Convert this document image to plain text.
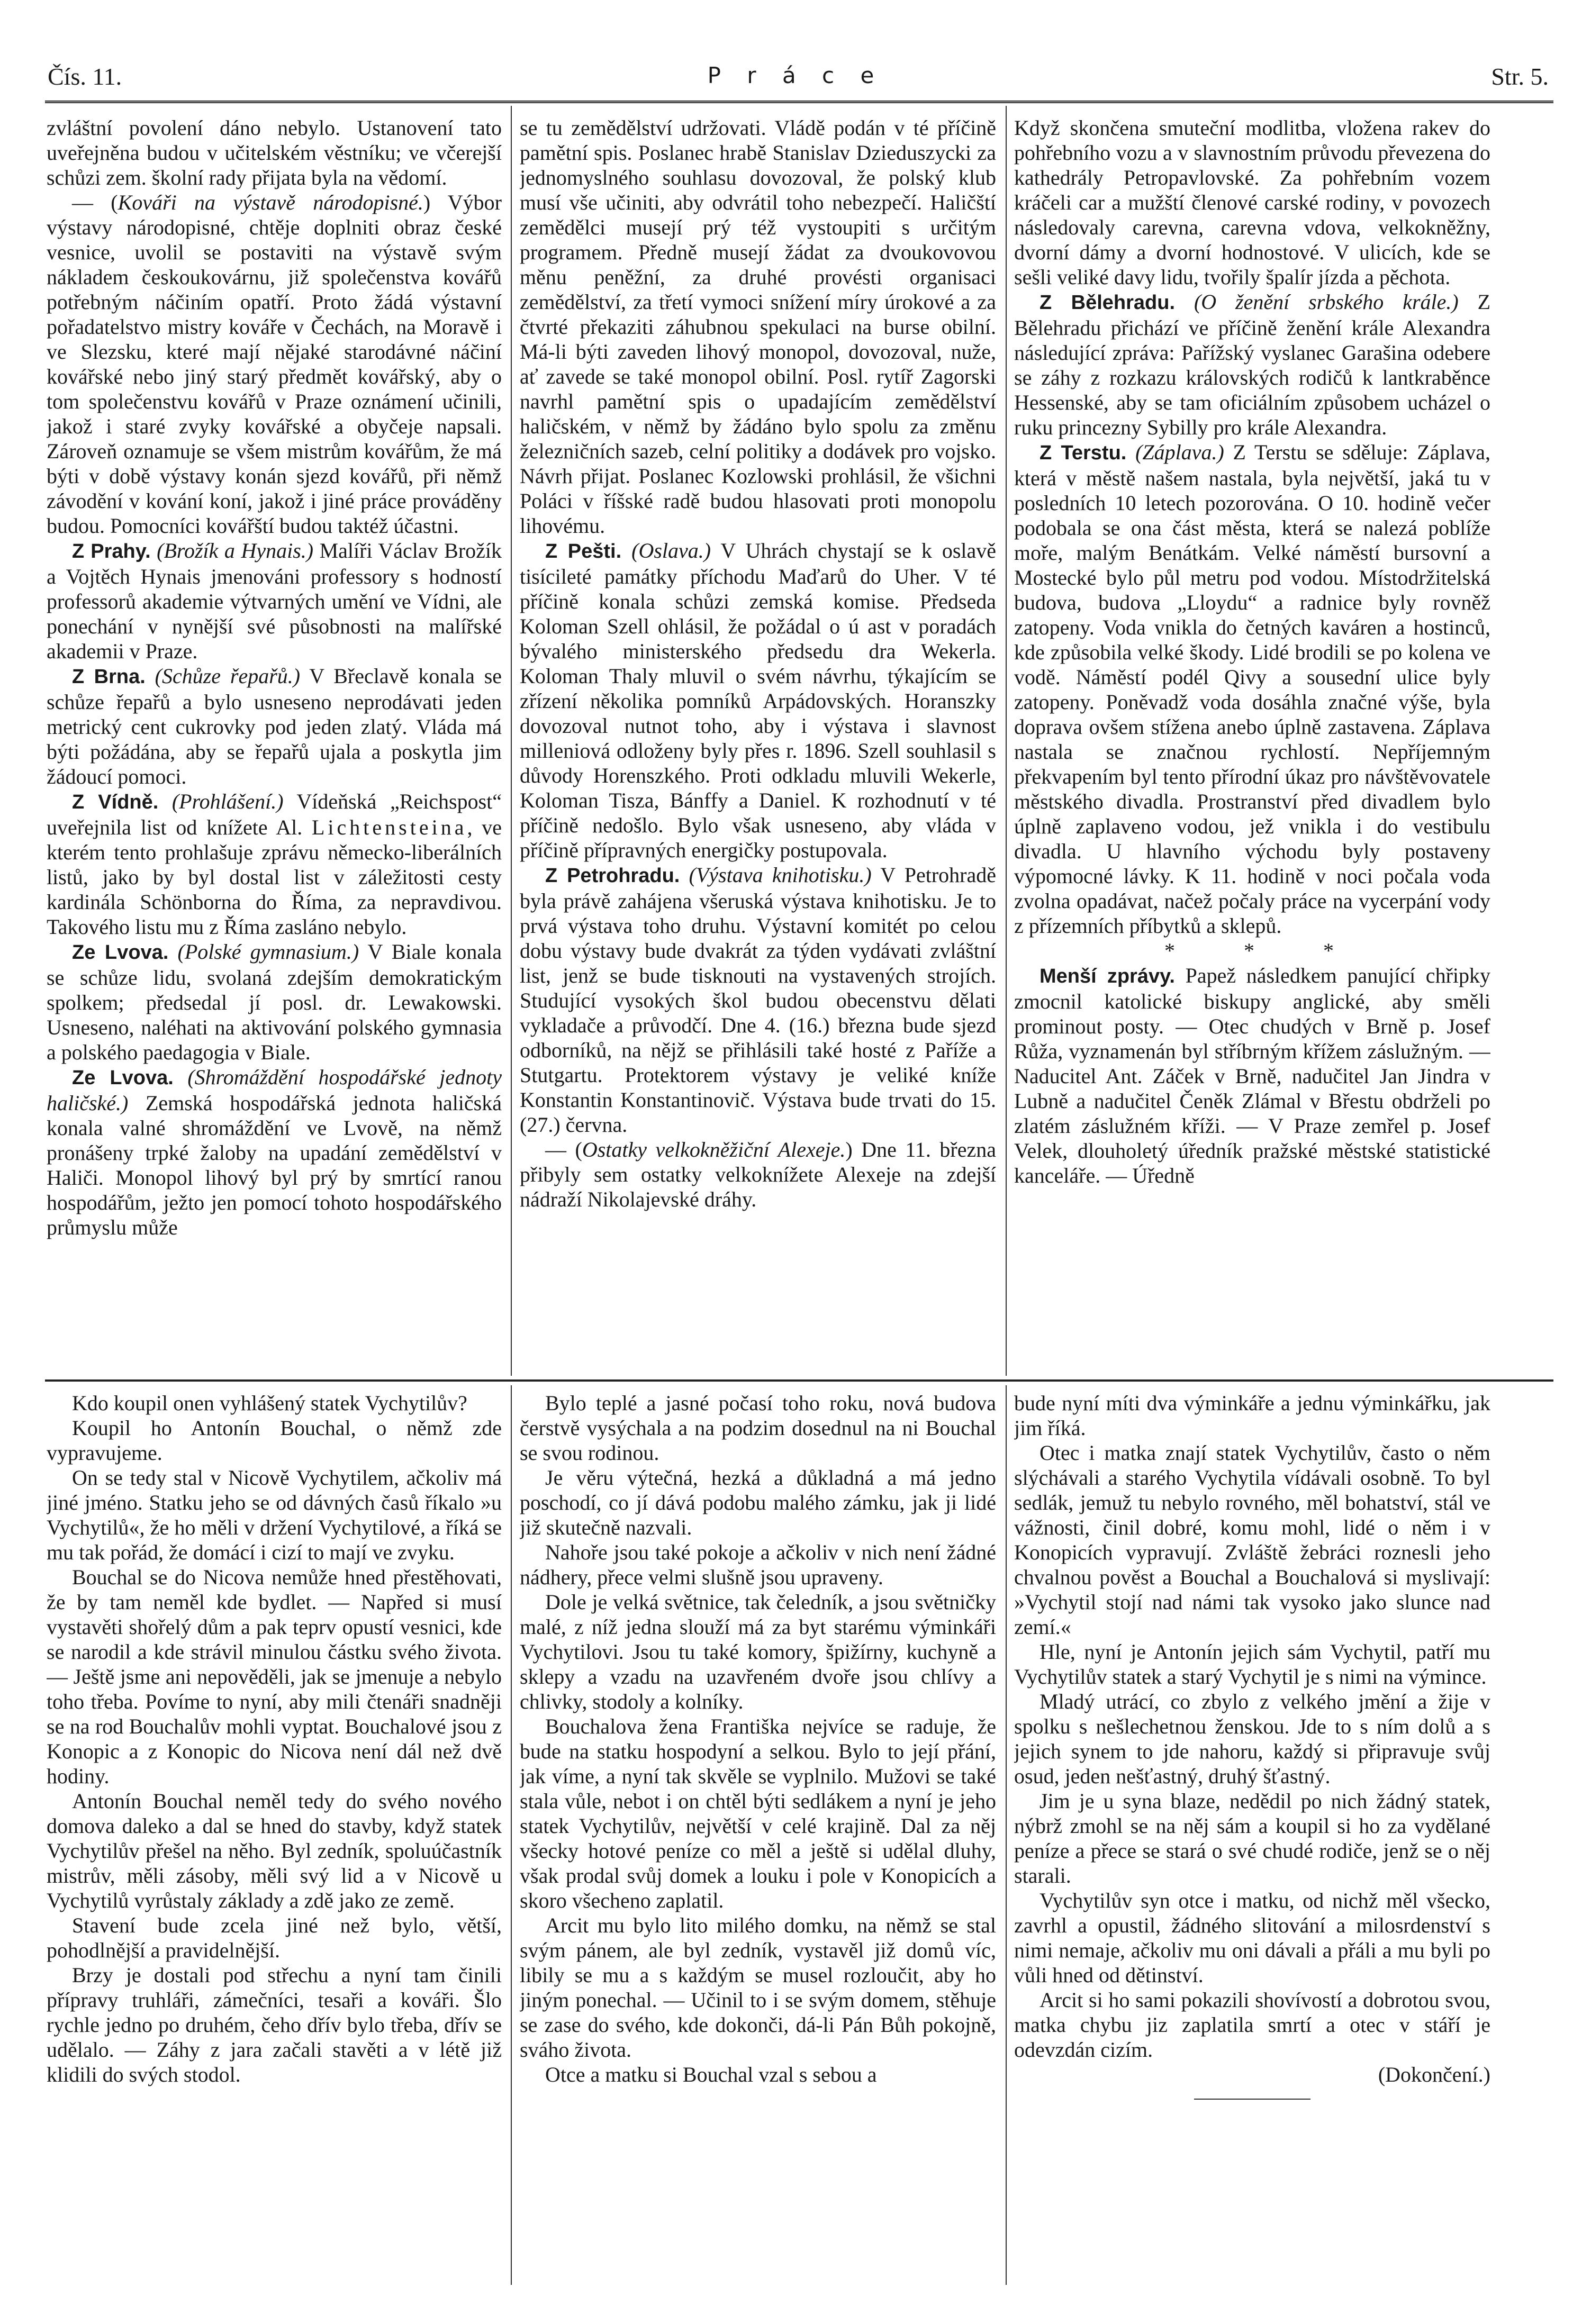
Čís. 11.	P r á c e	Str. 5.

zvláštní povolení dáno nebylo. Ustanovení tato uveřejněna budou v učitelském věstníku; ve včerejší schůzi zem. školní rady přijata byla na vědomí.

— (Kováři na výstavě národopisné.) Výbor výstavy národopisné, chtěje doplniti obraz české vesnice, uvolil se postaviti na výstavě svým nákladem českoukovárnu, již společenstva kovářů potřebným náčiním opatří. Proto žádá výstavní pořadatelstvo mistry kováře v Čechách, na Moravě i ve Slezsku, které mají nějaké starodávné náčiní kovářské nebo jiný starý předmět kovářský, aby o tom společenstvu kovářů v Praze oznámení učinili, jakož i staré zvyky kovářské a obyčeje napsali. Zároveň oznamuje se všem mistrům kovářům, že má býti v době výstavy konán sjezd kovářů, při němž závodění v kování koní, jakož i jiné práce prováděny budou. Pomocníci kovářští budou taktéž účastni.

Z Prahy. (Brožík a Hynais.) Malíři Václav Brožík a Vojtěch Hynais jmenováni professory s hodností professorů akademie výtvarných umění ve Vídni, ale ponechání v nynější své působnosti na malířské akademii v Praze.

Z Brna. (Schůze řepařů.) V Břeclavě konala se schůze řepařů a bylo usneseno neprodávati jeden metrický cent cukrovky pod jeden zlatý. Vláda má býti požádána, aby se řepařů ujala a poskytla jim žádoucí pomoci.

Z Vídně. (Prohlášení.) Vídeňská „Reichspost“ uveřejnila list od knížete Al. Lichtensteina, ve kterém tento prohlašuje zprávu německo-liberálních listů, jako by byl dostal list v záležitosti cesty kardinála Schönborna do Říma, za nepravdivou. Takového listu mu z Říma zasláno nebylo.

Ze Lvova. (Polské gymnasium.) V Biale konala se schůze lidu, svolaná zdejším demokratickým spolkem; předsedal jí posl. dr. Lewakowski. Usneseno, naléhati na aktivování polského gymnasia a polského paedagogia v Biale.

Ze Lvova. (Shromáždění hospodářské jednoty haličské.) Zemská hospodářská jednota haličská konala valné shromáždění ve Lvově, na němž pronášeny trpké žaloby na upadání zemědělství v Haliči. Monopol lihový byl prý by smrtící ranou hospodářům, ježto jen pomocí tohoto hospodářského průmyslu může

se tu zemědělství udržovati. Vládě podán v té příčině pamětní spis. Poslanec hrabě Stanislav Dzieduszycki za jednomyslného souhlasu dovozoval, že polský klub musí vše učiniti, aby odvrátil toho nebezpečí. Haličští zemědělci musejí prý též vystoupiti s určitým programem. Předně musejí žádat za dvoukovovou měnu peněžní, za druhé provésti organisaci zemědělství, za třetí vymoci snížení míry úrokové a za čtvrté překaziti záhubnou spekulaci na burse obilní. Má-li býti zaveden lihový monopol, dovozoval, nuže, ať zavede se také monopol obilní. Posl. rytíř Zagorski navrhl pamětní spis o upadajícím zemědělství haličském, v němž by žádáno bylo spolu za změnu železničních sazeb, celní politiky a dodávek pro vojsko. Návrh přijat. Poslanec Kozlowski prohlásil, že všichni Poláci v říšské radě budou hlasovati proti monopolu lihovému.

Z Pešti. (Oslava.) V Uhrách chystají se k oslavě tisícileté památky příchodu Maďarů do Uher. V té příčině konala schůzi zemská komise. Předseda Koloman Szell ohlásil, že požádal o ú ast v poradách bývalého ministerského předsedu dra Wekerla. Koloman Thaly mluvil o svém návrhu, týkajícím se zřízení několika pomníků Arpádovských. Horanszky dovozoval nutnot toho, aby i výstava i slavnost milleniová odloženy byly přes r. 1896. Szell souhlasil s důvody Horenszkého. Proti odkladu mluvili Wekerle, Koloman Tisza, Bánffy a Daniel. K rozhodnutí v té příčině nedošlo. Bylo však usneseno, aby vláda v příčině přípravných energičky postupovala.

Z Petrohradu. (Výstava knihotisku.) V Petrohradě byla právě zahájena všeruská výstava knihotisku. Je to prvá výstava toho druhu. Výstavní komitét po celou dobu výstavy bude dvakrát za týden vydávati zvláštní list, jenž se bude tisknouti na vystavených strojích. Studující vysokých škol budou obecenstvu dělati vykladače a průvodčí. Dne 4. (16.) března bude sjezd odborníků, na nějž se přihlásili také hosté z Paříže a Stutgartu. Protektorem výstavy je veliké kníže Konstantin Konstantinovič. Výstava bude trvati do 15. (27.) června.

— (Ostatky velkokněžiční Alexeje.) Dne 11. března přibyly sem ostatky velkoknížete Alexeje na zdejší nádraží Nikolajevské dráhy.

Když skončena smuteční modlitba, vložena rakev do pohřebního vozu a v slavnostním průvodu převezena do kathedrály Petropavlovské. Za pohřebním vozem kráčeli car a mužští členové carské rodiny, v povozech následovaly carevna, carevna vdova, velkokněžny, dvorní dámy a dvorní hodnostové. V ulicích, kde se sešli veliké davy lidu, tvořily špalír jízda a pěchota.

Z Bělehradu. (O ženění srbského krále.) Z Bělehradu přichází ve příčině ženění krále Alexandra následující zpráva: Pařížský vyslanec Garašina odebere se záhy z rozkazu královských rodičů k lantkraběnce Hessenské, aby se tam oficiálním způsobem ucházel o ruku princezny Sybilly pro krále Alexandra.

Z Terstu. (Záplava.) Z Terstu se sděluje: Záplava, která v městě našem nastala, byla největší, jaká tu v posledních 10 letech pozorována. O 10. hodině večer podobala se ona část města, která se nalezá poblíže moře, malým Benátkám. Velké náměstí bursovní a Mostecké bylo půl metru pod vodou. Místodržitelská budova, budova „Lloydu“ a radnice byly rovněž zatopeny. Voda vnikla do četných kaváren a hostinců, kde způsobila velké škody. Lidé brodili se po kolena ve vodě. Náměstí podél Qivy a sousední ulice byly zatopeny. Poněvadž voda dosáhla značné výše, byla doprava ovšem stížena anebo úplně zastavena. Záplava nastala se značnou rychlostí. Nepříjemným překvapením byl tento přírodní úkaz pro návštěvovatele městského divadla. Prostranství před divadlem bylo úplně zaplaveno vodou, jež vnikla i do vestibulu divadla. U hlavního východu byly postaveny výpomocné lávky. K 11. hodině v noci počala voda zvolna opadávat, načež počaly práce na vycerpání vody z přízemních příbytků a sklepů.

* * *

Menší zprávy. Papež následkem panující chřipky zmocnil katolické biskupy anglické, aby směli prominout posty. — Otec chudých v Brně p. Josef Růža, vyznamenán byl stříbrným křížem záslužným. — Naducitel Ant. Záček v Brně, nadučitel Jan Jindra v Lubně a nadučitel Čeněk Zlámal v Břestu obdrželi po zlatém záslužném kříži. — V Praze zemřel p. Josef Velek, dlouholetý úředník pražské městské statistické kanceláře. — Úředně

Kdo koupil onen vyhlášený statek Vychytilův?

Koupil ho Antonín Bouchal, o němž zde vypravujeme.

On se tedy stal v Nicově Vychytilem, ačkoliv má jiné jméno. Statku jeho se od dávných časů říkalo »u Vychytilů«, že ho měli v držení Vychytilové, a říká se mu tak pořád, že domácí i cizí to mají ve zvyku.

Bouchal se do Nicova nemůže hned přestěhovati, že by tam neměl kde bydlet. — Napřed si musí vystavěti shořelý dům a pak teprv opustí vesnici, kde se narodil a kde strávil minulou částku svého života. — Ještě jsme ani nepověděli, jak se jmenuje a nebylo toho třeba. Povíme to nyní, aby mili čtenáři snadněji se na rod Bouchalův mohli vyptat. Bouchalové jsou z Konopic a z Konopic do Nicova není dál než dvě hodiny.

Antonín Bouchal neměl tedy do svého nového domova daleko a dal se hned do stavby, když statek Vychytilův přešel na něho. Byl zedník, spoluúčastník mistrův, měli zásoby, měli svý lid a v Nicově u Vychytilů vyrůstaly základy a zdě jako ze země.

Stavení bude zcela jiné než bylo, větší, pohodlnější a pravidelnější.

Brzy je dostali pod střechu a nyní tam činili přípravy truhláři, zámečníci, tesaři a kováři. Šlo rychle jedno po druhém, čeho dřív bylo třeba, dřív se udělalo. — Záhy z jara začali stavěti a v létě již klidili do svých stodol.

Bylo teplé a jasné počasí toho roku, nová budova čerstvě vysýchala a na podzim dosednul na ni Bouchal se svou rodinou.

Je věru výtečná, hezká a důkladná a má jedno poschodí, co jí dává podobu malého zámku, jak ji lidé již skutečně nazvali.

Nahoře jsou také pokoje a ačkoliv v nich není žádné nádhery, přece velmi slušně jsou upraveny.

Dole je velká světnice, tak čeledník, a jsou světničky malé, z níž jedna slouží má za byt starému výminkáři Vychytilovi. Jsou tu také komory, špižírny, kuchyně a sklepy a vzadu na uzavřeném dvoře jsou chlívy a chlivky, stodoly a kolníky.

Bouchalova žena Františka nejvíce se raduje, že bude na statku hospodyní a selkou. Bylo to její přání, jak víme, a nyní tak skvěle se vyplnilo. Mužovi se také stala vůle, nebot i on chtěl býti sedlákem a nyní je jeho statek Vychytilův, největší v celé krajině. Dal za něj všecky hotové peníze co měl a ještě si udělal dluhy, však prodal svůj domek a louku i pole v Konopicích a skoro všecheno zaplatil.

Arcit mu bylo lito milého domku, na němž se stal svým pánem, ale byl zedník, vystavěl již domů víc, libily se mu a s každým se musel rozloučit, aby ho jiným ponechal. — Učinil to i se svým domem, stěhuje se zase do svého, kde dokonči, dá-li Pán Bůh pokojně, sváho života.

Otce a matku si Bouchal vzal s sebou a

bude nyní míti dva výminkáře a jednu výminkářku, jak jim říká.

Otec i matka znají statek Vychytilův, často o něm slýchávali a starého Vychytila vídávali osobně. To byl sedlák, jemuž tu nebylo rovného, měl bohatství, stál ve vážnosti, činil dobré, komu mohl, lidé o něm i v Konopicích vypravují. Zvláště žebráci roznesli jeho chvalnou pověst a Bouchal a Bouchalová si myslivají: »Vychytil stojí nad námi tak vysoko jako slunce nad zemí.«

Hle, nyní je Antonín jejich sám Vychytil, patří mu Vychytilův statek a starý Vychytil je s nimi na výmince.

Mladý utrácí, co zbylo z velkého jmění a žije v spolku s nešlechetnou ženskou. Jde to s ním dolů a s jejich synem to jde nahoru, každý si připravuje svůj osud, jeden nešťastný, druhý šťastný.

Jim je u syna blaze, nedědil po nich žádný statek, nýbrž zmohl se na něj sám a koupil si ho za vydělané peníze a přece se stará o své chudé rodiče, jenž se o něj starali.

Vychytilův syn otce i matku, od nichž měl všecko, zavrhl a opustil, žádného slitování a milosrdenství s nimi nemaje, ačkoliv mu oni dávali a přáli a mu byli po vůli hned od dětinství.

Arcit si ho sami pokazili shovívostí a dobrotou svou, matka chybu jiz zaplatila smrtí a otec v stáří je odevzdán cizím.

(Dokončení.)
